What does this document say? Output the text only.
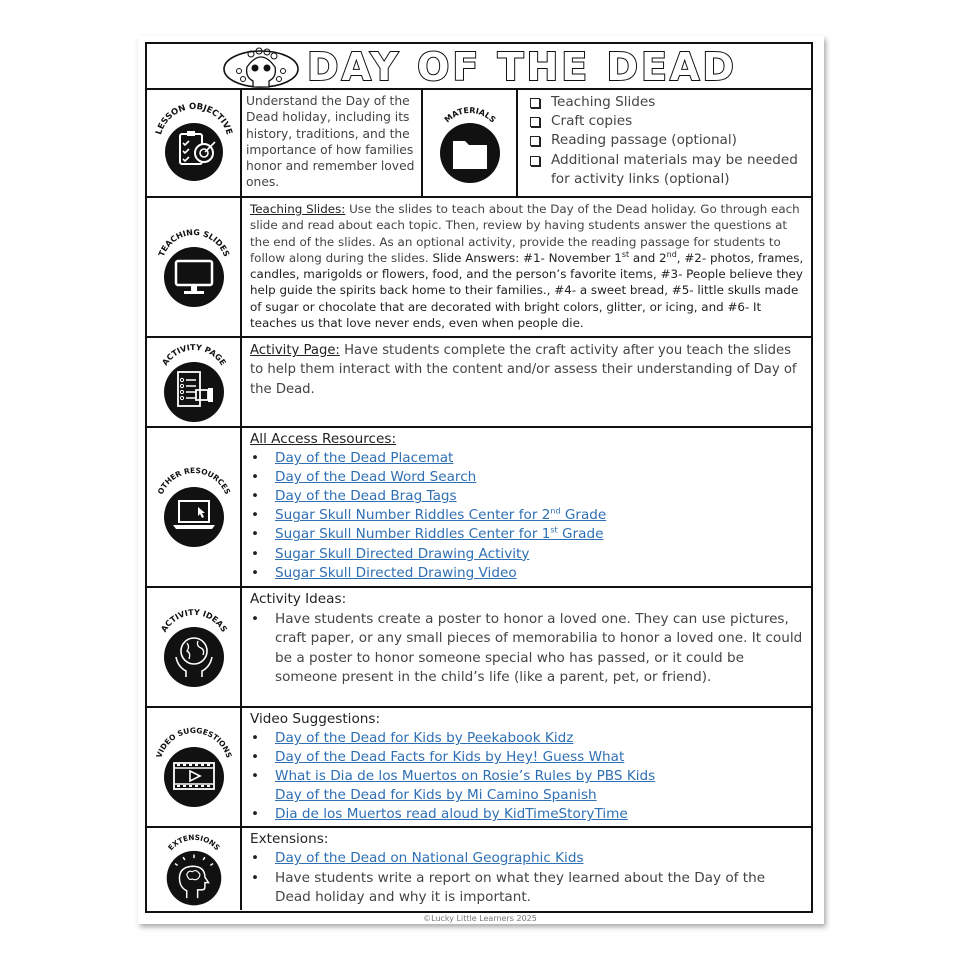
DAY OF THE DEAD
LESSON OBJECTIVE
Understand the Day of the Dead holiday, including its history, traditions, and the importance of how families honor and remember loved ones.
MATERIALS
Teaching Slides
Craft copies
Reading passage (optional)
Additional materials may be needed for activity links (optional)
TEACHING SLIDES
Teaching Slides: Use the slides to teach about the Day of the Dead holiday. Go through each slide and read about each topic. Then, review by having students answer the questions at the end of the slides. As an optional activity, provide the reading passage for students to follow along during the slides. Slide Answers: #1- November 1st and 2nd, #2- photos, frames, candles, marigolds or flowers, food, and the person’s favorite items, #3- People believe they help guide the spirits back home to their families., #4- a sweet bread, #5- little skulls made of sugar or chocolate that are decorated with bright colors, glitter, or icing, and #6- It teaches us that love never ends, even when people die.
ACTIVITY PAGE
Activity Page: Have students complete the craft activity after you teach the slides to help them interact with the content and/or assess their understanding of Day of the Dead.
OTHER RESOURCES
All Access Resources:
• Day of the Dead Placemat
• Day of the Dead Word Search
• Day of the Dead Brag Tags
• Sugar Skull Number Riddles Center for 2nd Grade
• Sugar Skull Number Riddles Center for 1st Grade
• Sugar Skull Directed Drawing Activity
• Sugar Skull Directed Drawing Video
ACTIVITY IDEAS
Activity Ideas:
• Have students create a poster to honor a loved one. They can use pictures, craft paper, or any small pieces of memorabilia to honor a loved one. It could be a poster to honor someone special who has passed, or it could be someone present in the child’s life (like a parent, pet, or friend).
VIDEO SUGGESTIONS
Video Suggestions:
• Day of the Dead for Kids by Peekabook Kidz
• Day of the Dead Facts for Kids by Hey! Guess What
• What is Dia de los Muertos on Rosie’s Rules by PBS Kids
Day of the Dead for Kids by Mi Camino Spanish
• Dia de los Muertos read aloud by KidTimeStoryTime
EXTENSIONS
Extensions:
• Day of the Dead on National Geographic Kids
• Have students write a report on what they learned about the Day of the Dead holiday and why it is important.
©Lucky Little Learners 2025
